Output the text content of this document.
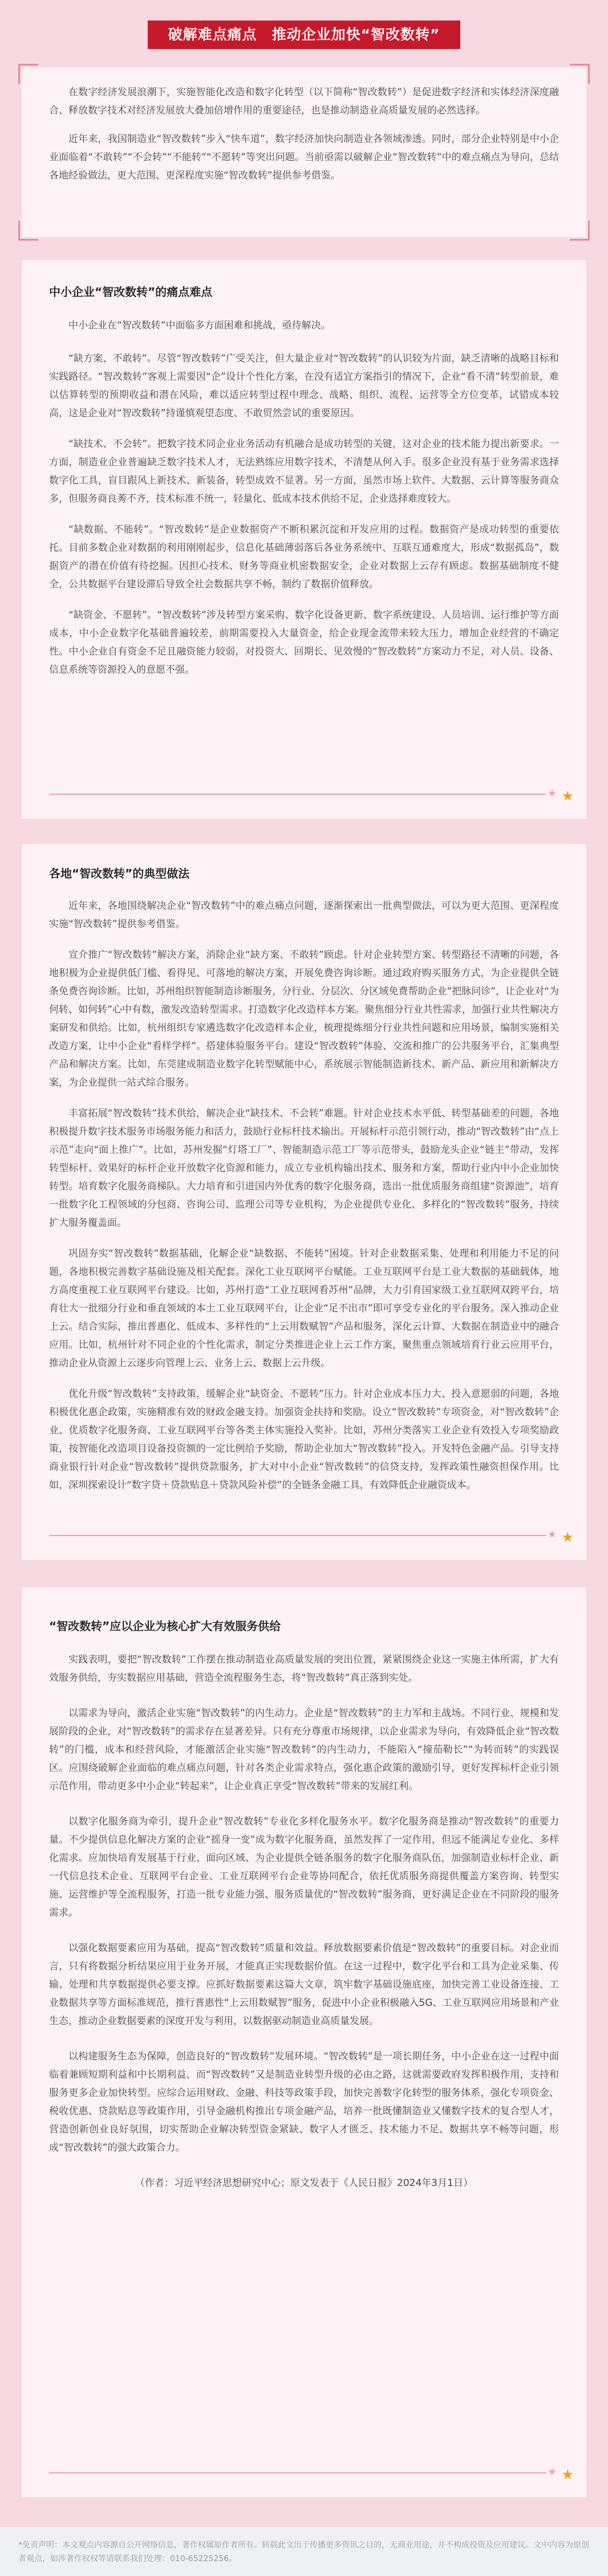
破解难点痛点　推动企业加快“智改数转”

在数字经济发展浪潮下，实施智能化改造和数字化转型（以下简称“智改数转”）是促进数字经济和实体经济深度融合、释放数字技术对经济发展放大叠加倍增作用的重要途径，也是推动制造业高质量发展的必然选择。

近年来，我国制造业“智改数转”步入“快车道”，数字经济加快向制造业各领域渗透。同时，部分企业特别是中小企业面临着“不敢转”“不会转”“不能转”“不愿转”等突出问题。当前亟需以破解企业“智改数转”中的难点痛点为导向，总结各地经验做法，更大范围、更深程度实施“智改数转”提供参考借鉴。

中小企业“智改数转”的痛点难点

中小企业在“智改数转”中面临多方面困难和挑战，亟待解决。

“缺方案、不敢转”。尽管“智改数转”广受关注，但大量企业对“智改数转”的认识较为片面，缺乏清晰的战略目标和实践路径。“智改数转”客观上需要因“企”设计个性化方案，在没有适宜方案指引的情况下，企业“看不清”转型前景，难以估算转型的预期收益和潜在风险，难以适应转型过程中理念、战略、组织、流程、运营等全方位变革，试错成本较高，这是企业对“智改数转”持谨慎观望态度、不敢贸然尝试的重要原因。

“缺技术、不会转”。把数字技术同企业业务活动有机融合是成功转型的关键，这对企业的技术能力提出新要求。一方面，制造业企业普遍缺乏数字技术人才，无法熟练应用数字技术，不清楚从何入手。很多企业没有基于业务需求选择数字化工具，盲目跟风上新技术、新装备，转型成效不显著。另一方面，虽然市场上软件、大数据、云计算等服务商众多，但服务商良莠不齐，技术标准不统一，轻量化、低成本技术供给不足，企业选择难度较大。

“缺数据、不能转”。“智改数转”是企业数据资产不断积累沉淀和开发应用的过程。数据资产是成功转型的重要依托。目前多数企业对数据的利用刚刚起步，信息化基础薄弱落后各业务系统中、互联互通难度大，形成“数据孤岛”，数据资产的潜在价值有待挖掘。因担心技术、财务等商业机密数据安全，企业对数据上云存有顾虑。数据基础制度不健全，公共数据平台建设滞后导致全社会数据共享不畅，制约了数据价值释放。

“缺资金、不愿转”。“智改数转”涉及转型方案采购、数字化设备更新、数字系统建设、人员培训、运行维护等方面成本，中小企业数字化基础普遍较差，前期需要投入大量资金，给企业现金流带来较大压力，增加企业经营的不确定性。中小企业自有资金不足且融资能力较弱，对投资大、回期长、见效慢的“智改数转”方案动力不足，对人员、设备、信息系统等资源投入的意愿不强。

★ ★
各地“智改数转”的典型做法

近年来，各地围绕解决企业“智改数转”中的难点痛点问题，逐渐探索出一批典型做法，可以为更大范围、更深程度实施“智改数转”提供参考借鉴。

宣介推广“智改数转”解决方案，消除企业“缺方案、不敢转”顾虑。针对企业转型方案、转型路径不清晰的问题，各地积极为企业提供低门槛、看得见、可落地的解决方案，开展免费咨询诊断。通过政府购买服务方式，为企业提供全链条免费咨询诊断。比如，苏州组织智能制造诊断服务，分行业、分层次、分区域免费帮助企业“把脉问诊”，让企业对“为何转、如何转”心中有数，激发改造转型需求。打造数字化改造样本方案。聚焦细分行业共性需求，加强行业共性解决方案研发和供给。比如，杭州组织专家遴选数字化改造样本企业，梳理提炼细分行业共性问题和应用场景，编制实施相关改造方案，让中小企业“看样学样”。搭建体验服务平台。建设“智改数转”体验、交流和推广的公共服务平台，汇集典型产品和解决方案。比如，东莞建成制造业数字化转型赋能中心，系统展示智能制造新技术、新产品、新应用和新解决方案，为企业提供一站式综合服务。

丰富拓展“智改数转”技术供给，解决企业“缺技术、不会转”难题。针对企业技术水平低、转型基础差的问题，各地积极提升数字技术服务市场服务能力和活力，鼓励行业标杆技术输出。开展标杆示范引领行动，推动“智改数转”由“点上示范”走向“面上推广”。比如，苏州发掘“灯塔工厂”、智能制造示范工厂等示范带头，鼓励龙头企业“链主”带动，发挥转型标杆、效果好的标杆企业开放数字化资源和能力，成立专业机构输出技术、服务和方案，帮助行业内中小企业加快转型。培育数字化服务商梯队。大力培育和引进国内外优秀的数字化服务商，选出一批优质服务商组建“资源池”，培育一批数字化工程领域的分包商、咨询公司、监理公司等专业机构，为企业提供专业化、多样化的“智改数转”服务，持续扩大服务覆盖面。

巩固夯实“智改数转”数据基础，化解企业“缺数据、不能转”困境。针对企业数据采集、处理和利用能力不足的问题，各地积极完善数字基础设施及相关配套。深化工业互联网平台赋能。工业互联网平台是工业大数据的基础载体，地方高度重视工业互联网平台建设。比如，苏州打造“工业互联网看苏州”品牌，大力引育国家级工业互联网双跨平台，培育壮大一批细分行业和垂直领域的本土工业互联网平台，让企业“足不出市”即可享受专业化的平台服务。深入推动企业上云。结合实际，推出普惠化、低成本、多样性的“上云用数赋智”产品和服务，深化云计算、大数据在制造业中的融合应用。比如，杭州针对不同企业的个性化需求，制定分类推进企业上云工作方案，聚焦重点领域培育行业云应用平台，推动企业从资源上云逐步向管理上云、业务上云、数据上云升级。

优化升级“智改数转”支持政策，缓解企业“缺资金、不愿转”压力。针对企业成本压力大、投入意愿弱的问题，各地积极优化惠企政策，实施精准有效的财政金融支持。加强资金扶持和奖励。设立“智改数转”专项资金，对“智改数转”企业、优质数字化服务商、工业互联网平台等各类主体实施投入奖补。比如，苏州分类落实工业企业有效投入专项奖励政策，按智能化改造项目设备投资额的一定比例给予奖励，帮助企业加大“智改数转”投入。开发特色金融产品。引导支持商业银行针对企业“智改数转”提供贷款服务，扩大对中小企业“智改数转”的信贷支持，发挥政策性融资担保作用。比如，深圳探索设计“数字贷＋贷款贴息＋贷款风险补偿”的全链条金融工具，有效降低企业融资成本。

★ ★
“智改数转”应以企业为核心扩大有效服务供给

实践表明，要把“智改数转”工作摆在推动制造业高质量发展的突出位置，紧紧围绕企业这一实施主体所需，扩大有效服务供给，夯实数据应用基础，营造全流程服务生态，将“智改数转”真正落到实处。

以需求为导向，激活企业实施“智改数转”的内生动力。企业是“智改数转”的主力军和主战场。不同行业、规模和发展阶段的企业，对“智改数转”的需求存在显著差异。只有充分尊重市场规律，以企业需求为导向，有效降低企业“智改数转”的门槛，成本和经营风险，才能激活企业实施“智改数转”的内生动力，不能陷入“撞茄勒长”“为转而转”的实践误区。应围绕破解企业面临的难点痛点问题，针对各类企业需求特点，强化惠企政策的激励引导，更好发挥标杆企业引领示范作用，带动更多中小企业“转起来”，让企业真正享受“智改数转”带来的发展红利。

以数字化服务商为牵引，提升企业“智改数转”专业化多样化服务水平。数字化服务商是推动“智改数转”的重要力量。不少提供信息化解决方案的企业“摇身一变”成为数字化服务商，虽然发挥了一定作用，但远不能满足专业化、多样化需求。应加快培育发展基于行业、面向区域、为企业提供全链条服务的数字化服务商队伍，加强制造业标杆企业、新一代信息技术企业、互联网平台企业、工业互联网平台企业等协同配合，依托优质服务商提供覆盖方案咨询、转型实施、运营维护等全流程服务，打造一批专业能力强、服务质量优的“智改数转”服务商，更好满足企业在不同阶段的服务需求。

以强化数据要素应用为基础，提高“智改数转”质量和效益。释放数据要素价值是“智改数转”的重要目标。对企业而言，只有将数据分析结果应用于业务开展，才能真正实现数据价值。在这一过程中，数字化平台和工具为企业采集、传输、处理和共享数据提供必要支撑。应抓好数据要素这篇大文章，筑牢数字基础设施底座，加快完善工业设备连接、工业数据共享等方面标准规范，推行普惠性“上云用数赋智”服务，促进中小企业积极融入5G、工业互联网应用场景和产业生态，推动企业数据要素的深度开发与利用，以数据驱动制造业高质量发展。

以构建服务生态为保障，创造良好的“智改数转”发展环境。“智改数转”是一项长期任务，中小企业在这一过程中面临着兼顾短期利益和中长期利益、而“智改数转”又是制造业转型升级的必由之路，这就需要政府发挥积极作用，支持和服务更多企业加快转型。应综合运用财政、金融、科技等政策手段，加快完善数字化转型的服务体系，强化专项资金、税收优惠、贷款贴息等政策作用，引导金融机构推出专项金融产品，培养一批既懂制造业又懂数字技术的复合型人才，营造创新创业良好氛围，切实帮助企业解决转型资金紧缺、数字人才匮乏、技术能力不足、数据共享不畅等问题，形成“智改数转”的强大政策合力。

（作者：习近平经济思想研究中心；原文发表于《人民日报》2024年3月1日）

★ ★

*免责声明：本文观点内容源自公开网络信息，著作权属原作者所有。转载此文出于传播更多资讯之目的，无商业用途，并不构成投资及应用建议。文中内容为原创者观点，如涉著作权权等请联系我们处理：010-65225256。
